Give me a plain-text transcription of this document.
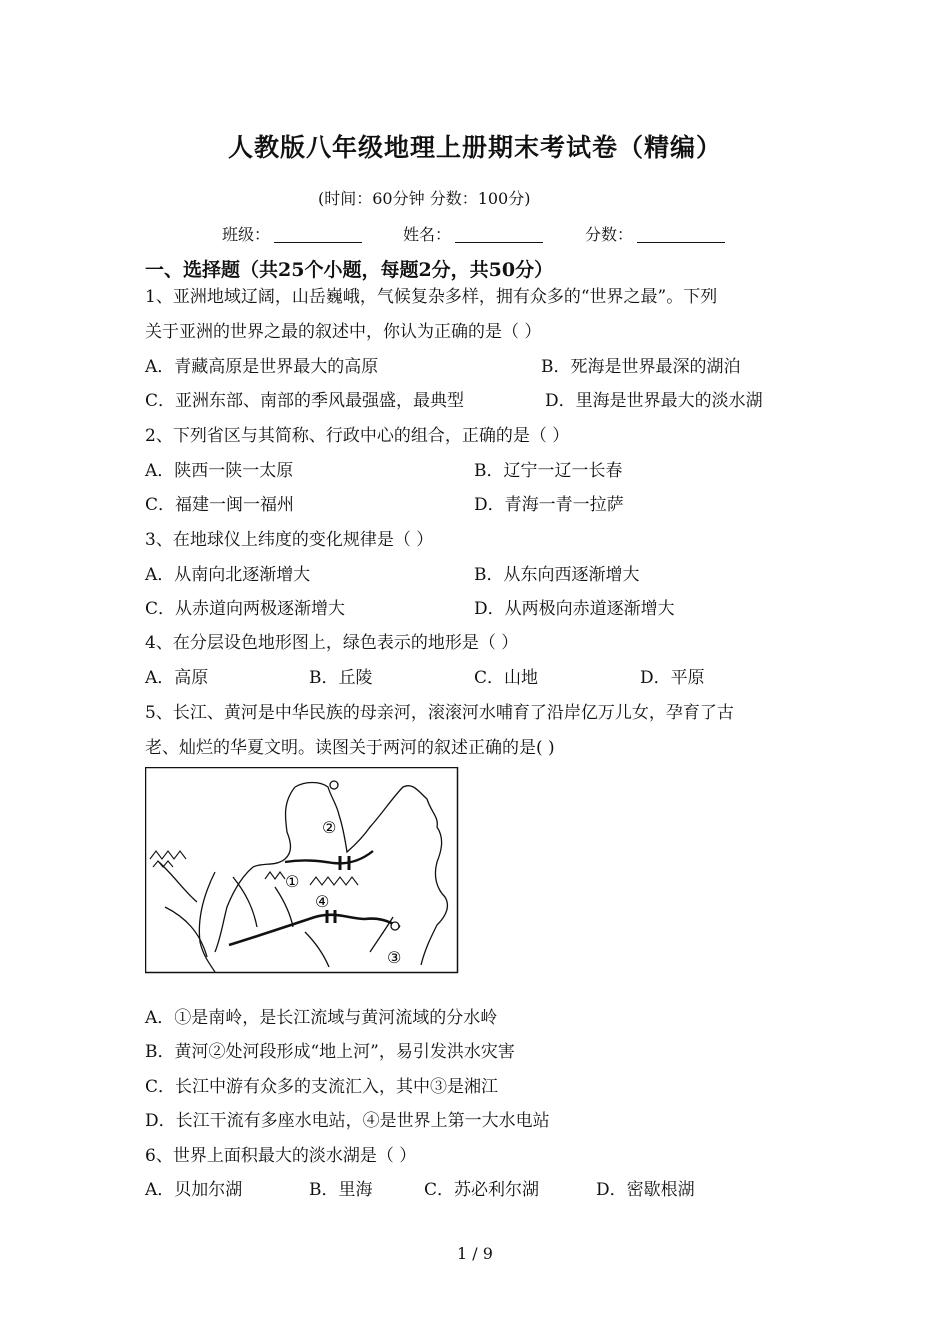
人教版八年级地理上册期末考试卷（精编）
(时间：60分钟 分数：100分)
班级：	姓名：	分数：
一、选择题（共25个小题，每题2分，共50分）
1、亚洲地域辽阔，山岳巍峨，气候复杂多样，拥有众多的“世界之最”。下列
关于亚洲的世界之最的叙述中，你认为正确的是（ ）
A．青藏高原是世界最大的高原	B．死海是世界最深的湖泊
C．亚洲东部、南部的季风最强盛，最典型	D．里海是世界最大的淡水湖
2、下列省区与其简称、行政中心的组合，正确的是（ ）
A．陕西一陕一太原	B．辽宁一辽一长春
C．福建一闽一福州	D．青海一青一拉萨
3、在地球仪上纬度的变化规律是（ ）
A．从南向北逐渐增大	B．从东向西逐渐增大
C．从赤道向两极逐渐增大	D．从两极向赤道逐渐增大
4、在分层设色地形图上，绿色表示的地形是（ ）
A．高原	B．丘陵	C．山地	D．平原
5、长江、黄河是中华民族的母亲河，滚滚河水哺育了沿岸亿万儿女，孕育了古
老、灿烂的华夏文明。读图关于两河的叙述正确的是( )
②
①
④
③
A．①是南岭，是长江流域与黄河流域的分水岭
B．黄河②处河段形成“地上河”，易引发洪水灾害
C．长江中游有众多的支流汇入，其中③是湘江
D．长江干流有多座水电站，④是世界上第一大水电站
6、世界上面积最大的淡水湖是（ ）
A．贝加尔湖	B．里海	C．苏必利尔湖	D．密歇根湖
1 / 9
